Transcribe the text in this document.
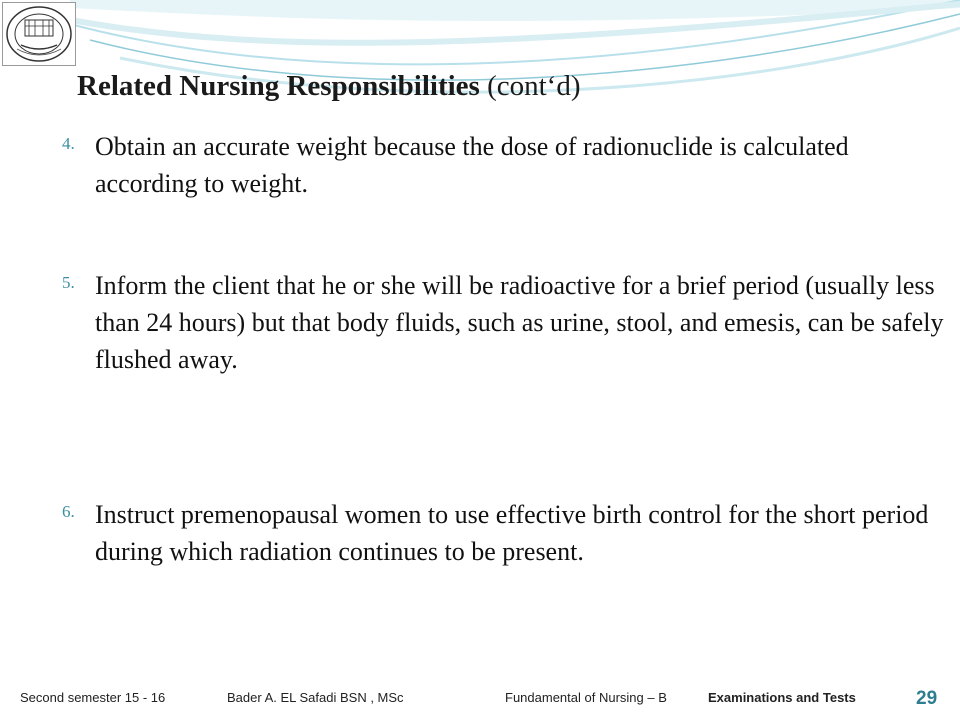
Related Nursing Responsibilities (cont‘d)
4. Obtain an accurate weight because the dose of radionuclide is calculated according to weight.
5. Inform the client that he or she will be radioactive for a brief period (usually less than 24 hours) but that body fluids, such as urine, stool, and emesis, can be safely flushed away.
6. Instruct premenopausal women to use effective birth control for the short period during which radiation continues to be present.
Second semester 15 - 16	Bader A. EL Safadi BSN , MSc	Fundamental of Nursing – B	Examinations and Tests	29
